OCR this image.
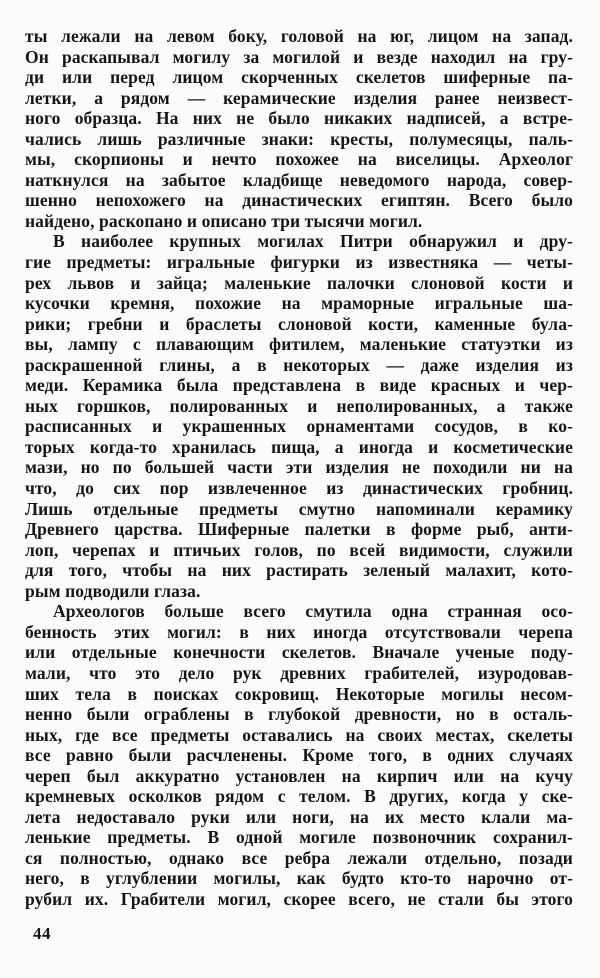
ты лежали на левом боку, головой на юг, лицом на запад.
Он раскапывал могилу за могилой и везде находил на гру-
ди или перед лицом скорченных скелетов шиферные па-
летки, а рядом — керамические изделия ранее неизвест-
ного образца. На них не было никаких надписей, а встре-
чались лишь различные знаки: кресты, полумесяцы, паль-
мы, скорпионы и нечто похожее на виселицы. Археолог
наткнулся на забытое кладбище неведомого народа, совер-
шенно непохожего на династических египтян. Всего было
найдено, раскопано и описано три тысячи могил.
В наиболее крупных могилах Питри обнаружил и дру-
гие предметы: игральные фигурки из известняка — четы-
рех львов и зайца; маленькие палочки слоновой кости и
кусочки кремня, похожие на мраморные игральные ша-
рики; гребни и браслеты слоновой кости, каменные була-
вы, лампу с плавающим фитилем, маленькие статуэтки из
раскрашенной глины, а в некоторых — даже изделия из
меди. Керамика была представлена в виде красных и чер-
ных горшков, полированных и неполированных, а также
расписанных и украшенных орнаментами сосудов, в ко-
торых когда-то хранилась пища, а иногда и косметические
мази, но по большей части эти изделия не походили ни на
что, до сих пор извлеченное из династических гробниц.
Лишь отдельные предметы смутно напоминали керамику
Древнего царства. Шиферные палетки в форме рыб, анти-
лоп, черепах и птичьих голов, по всей видимости, служили
для того, чтобы на них растирать зеленый малахит, кото-
рым подводили глаза.
Археологов больше всего смутила одна странная осо-
бенность этих могил: в них иногда отсутствовали черепа
или отдельные конечности скелетов. Вначале ученые поду-
мали, что это дело рук древних грабителей, изуродовав-
ших тела в поисках сокровищ. Некоторые могилы несом-
ненно были ограблены в глубокой древности, но в осталь-
ных, где все предметы оставались на своих местах, скелеты
все равно были расчленены. Кроме того, в одних случаях
череп был аккуратно установлен на кирпич или на кучу
кремневых осколков рядом с телом. В других, когда у ске-
лета недоставало руки или ноги, на их место клали ма-
ленькие предметы. В одной могиле позвоночник сохранил-
ся полностью, однако все ребра лежали отдельно, позади
него, в углублении могилы, как будто кто-то нарочно от-
рубил их. Грабители могил, скорее всего, не стали бы этого
44
